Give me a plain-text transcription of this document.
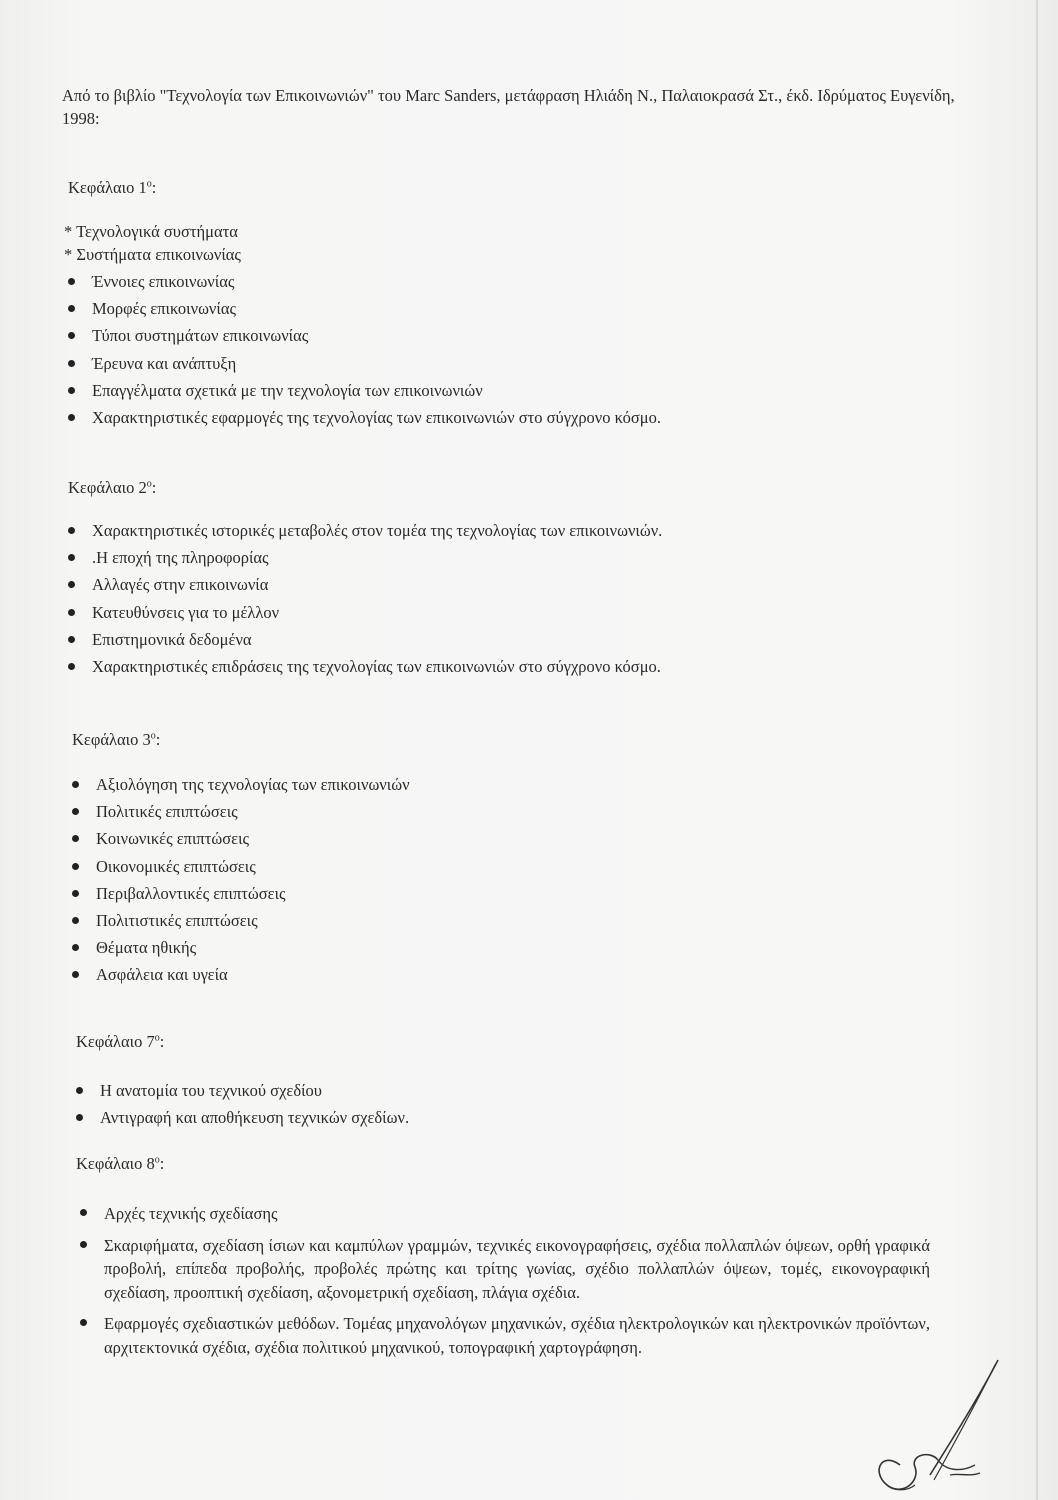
Από το βιβλίο "Τεχνολογία των Επικοινωνιών" του Marc Sanders, μετάφραση Ηλιάδη Ν., Παλαιοκρασά Στ., έκδ. Ιδρύματος Ευγενίδη, 1998:
Κεφάλαιο $1^o$:
* Τεχνολογικά συστήματα
* Συστήματα επικοινωνίας
Έννοιες επικοινωνίας
Μορφές επικοινωνίας
Τύποι συστημάτων επικοινωνίας
Έρευνα και ανάπτυξη
Επαγγέλματα σχετικά με την τεχνολογία των επικοινωνιών
Χαρακτηριστικές εφαρμογές της τεχνολογίας των επικοινωνιών στο σύγχρονο κόσμο.
Κεφάλαιο $2^o$:
Χαρακτηριστικές ιστορικές μεταβολές στον τομέα της τεχνολογίας των επικοινωνιών.
.Η εποχή της πληροφορίας
Αλλαγές στην επικοινωνία
Κατευθύνσεις για το μέλλον
Επιστημονικά δεδομένα
Χαρακτηριστικές επιδράσεις της τεχνολογίας των επικοινωνιών στο σύγχρονο κόσμο.
Κεφάλαιο $3^o$:
Αξιολόγηση της τεχνολογίας των επικοινωνιών
Πολιτικές επιπτώσεις
Κοινωνικές επιπτώσεις
Οικονομικές επιπτώσεις
Περιβαλλοντικές επιπτώσεις
Πολιτιστικές επιπτώσεις
Θέματα ηθικής
Ασφάλεια και υγεία
Κεφάλαιο $7^o$:
Η ανατομία του τεχνικού σχεδίου
Αντιγραφή και αποθήκευση τεχνικών σχεδίων.
Κεφάλαιο $8^o$:
Αρχές τεχνικής σχεδίασης
Σκαριφήματα, σχεδίαση ίσιων και καμπύλων γραμμών, τεχνικές εικονογραφήσεις, σχέδια πολλαπλών όψεων, ορθή γραφικά προβολή, επίπεδα προβολής, προβολές πρώτης και τρίτης γωνίας, σχέδιο πολλαπλών όψεων, τομές, εικονογραφική σχεδίαση, προοπτική σχεδίαση, αξονομετρική σχεδίαση, πλάγια σχέδια.
Εφαρμογές σχεδιαστικών μεθόδων. Τομέας μηχανολόγων μηχανικών, σχέδια ηλεκτρολογικών και ηλεκτρονικών προϊόντων, αρχιτεκτονικά σχέδια, σχέδια πολιτικού μηχανικού, τοπογραφική χαρτογράφηση.
